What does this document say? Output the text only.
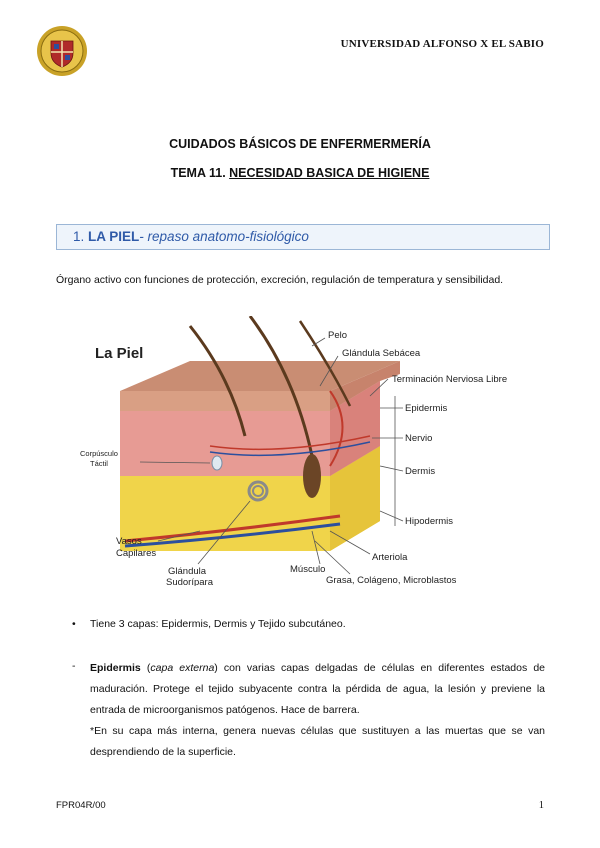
UNIVERSIDAD ALFONSO X EL SABIO
CUIDADOS BÁSICOS DE ENFERMERMERÍA
TEMA 11. NECESIDAD BASICA DE HIGIENE
1. LA PIEL- repaso anatomo-fisiológico
Órgano activo con funciones de protección, excreción, regulación de temperatura y sensibilidad.
La Piel
Pelo
Glándula Sebácea
Terminación Nerviosa Libre
Epidermis
Nervio
Dermis
Hipodermis
Corpúsculo
Táctil
Vasos
Capilares	Arteriola
Músculo
Grasa, Colágeno, Microblastos
Glándula
Sudorípara
• Tiene 3 capas: Epidermis, Dermis y Tejido subcutáneo.
- Epidermis (capa externa) con varias capas delgadas de células en diferentes estados de maduración. Protege el tejido subyacente contra la pérdida de agua, la lesión y previene la entrada de microorganismos patógenos. Hace de barrera.
*En su capa más interna, genera nuevas células que sustituyen a las muertas que se van desprendiendo de la superficie.
FPR04R/00	1
